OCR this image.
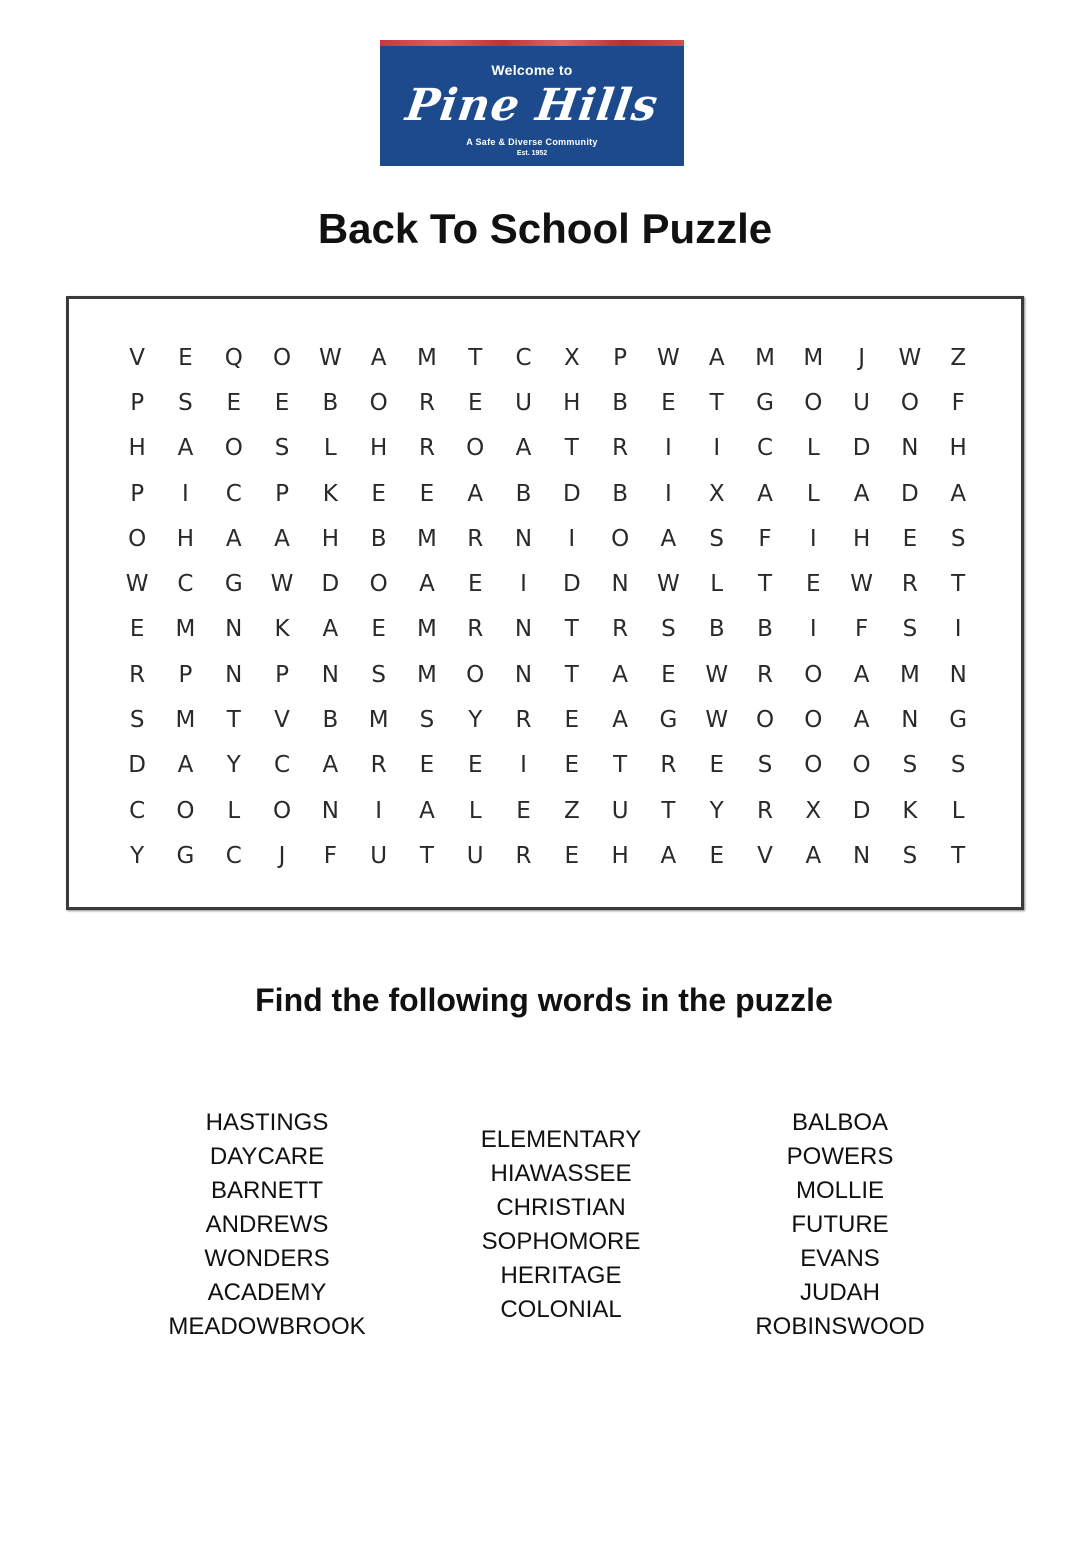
Welcome to
Pine Hills
A Safe & Diverse Community
Est. 1952
Back To School Puzzle
V	E	Q	O	W	A	M	T	C	X	P	W	A	M	M	J	W	Z
P	S	E	E	B	O	R	E	U	H	B	E	T	G	O	U	O	F
H	A	O	S	L	H	R	O	A	T	R	I	I	C	L	D	N	H
P	I	C	P	K	E	E	A	B	D	B	I	X	A	L	A	D	A
O	H	A	A	H	B	M	R	N	I	O	A	S	F	I	H	E	S
W	C	G	W	D	O	A	E	I	D	N	W	L	T	E	W	R	T
E	M	N	K	A	E	M	R	N	T	R	S	B	B	I	F	S	I
R	P	N	P	N	S	M	O	N	T	A	E	W	R	O	A	M	N
S	M	T	V	B	M	S	Y	R	E	A	G	W	O	O	A	N	G
D	A	Y	C	A	R	E	E	I	E	T	R	E	S	O	O	S	S
C	O	L	O	N	I	A	L	E	Z	U	T	Y	R	X	D	K	L
Y	G	C	J	F	U	T	U	R	E	H	A	E	V	A	N	S	T
Find the following words in the puzzle
HASTINGS
DAYCARE
BARNETT
ANDREWS
WONDERS
ACADEMY
MEADOWBROOK
ELEMENTARY
HIAWASSEE
CHRISTIAN
SOPHOMORE
HERITAGE
COLONIAL
BALBOA
POWERS
MOLLIE
FUTURE
EVANS
JUDAH
ROBINSWOOD
